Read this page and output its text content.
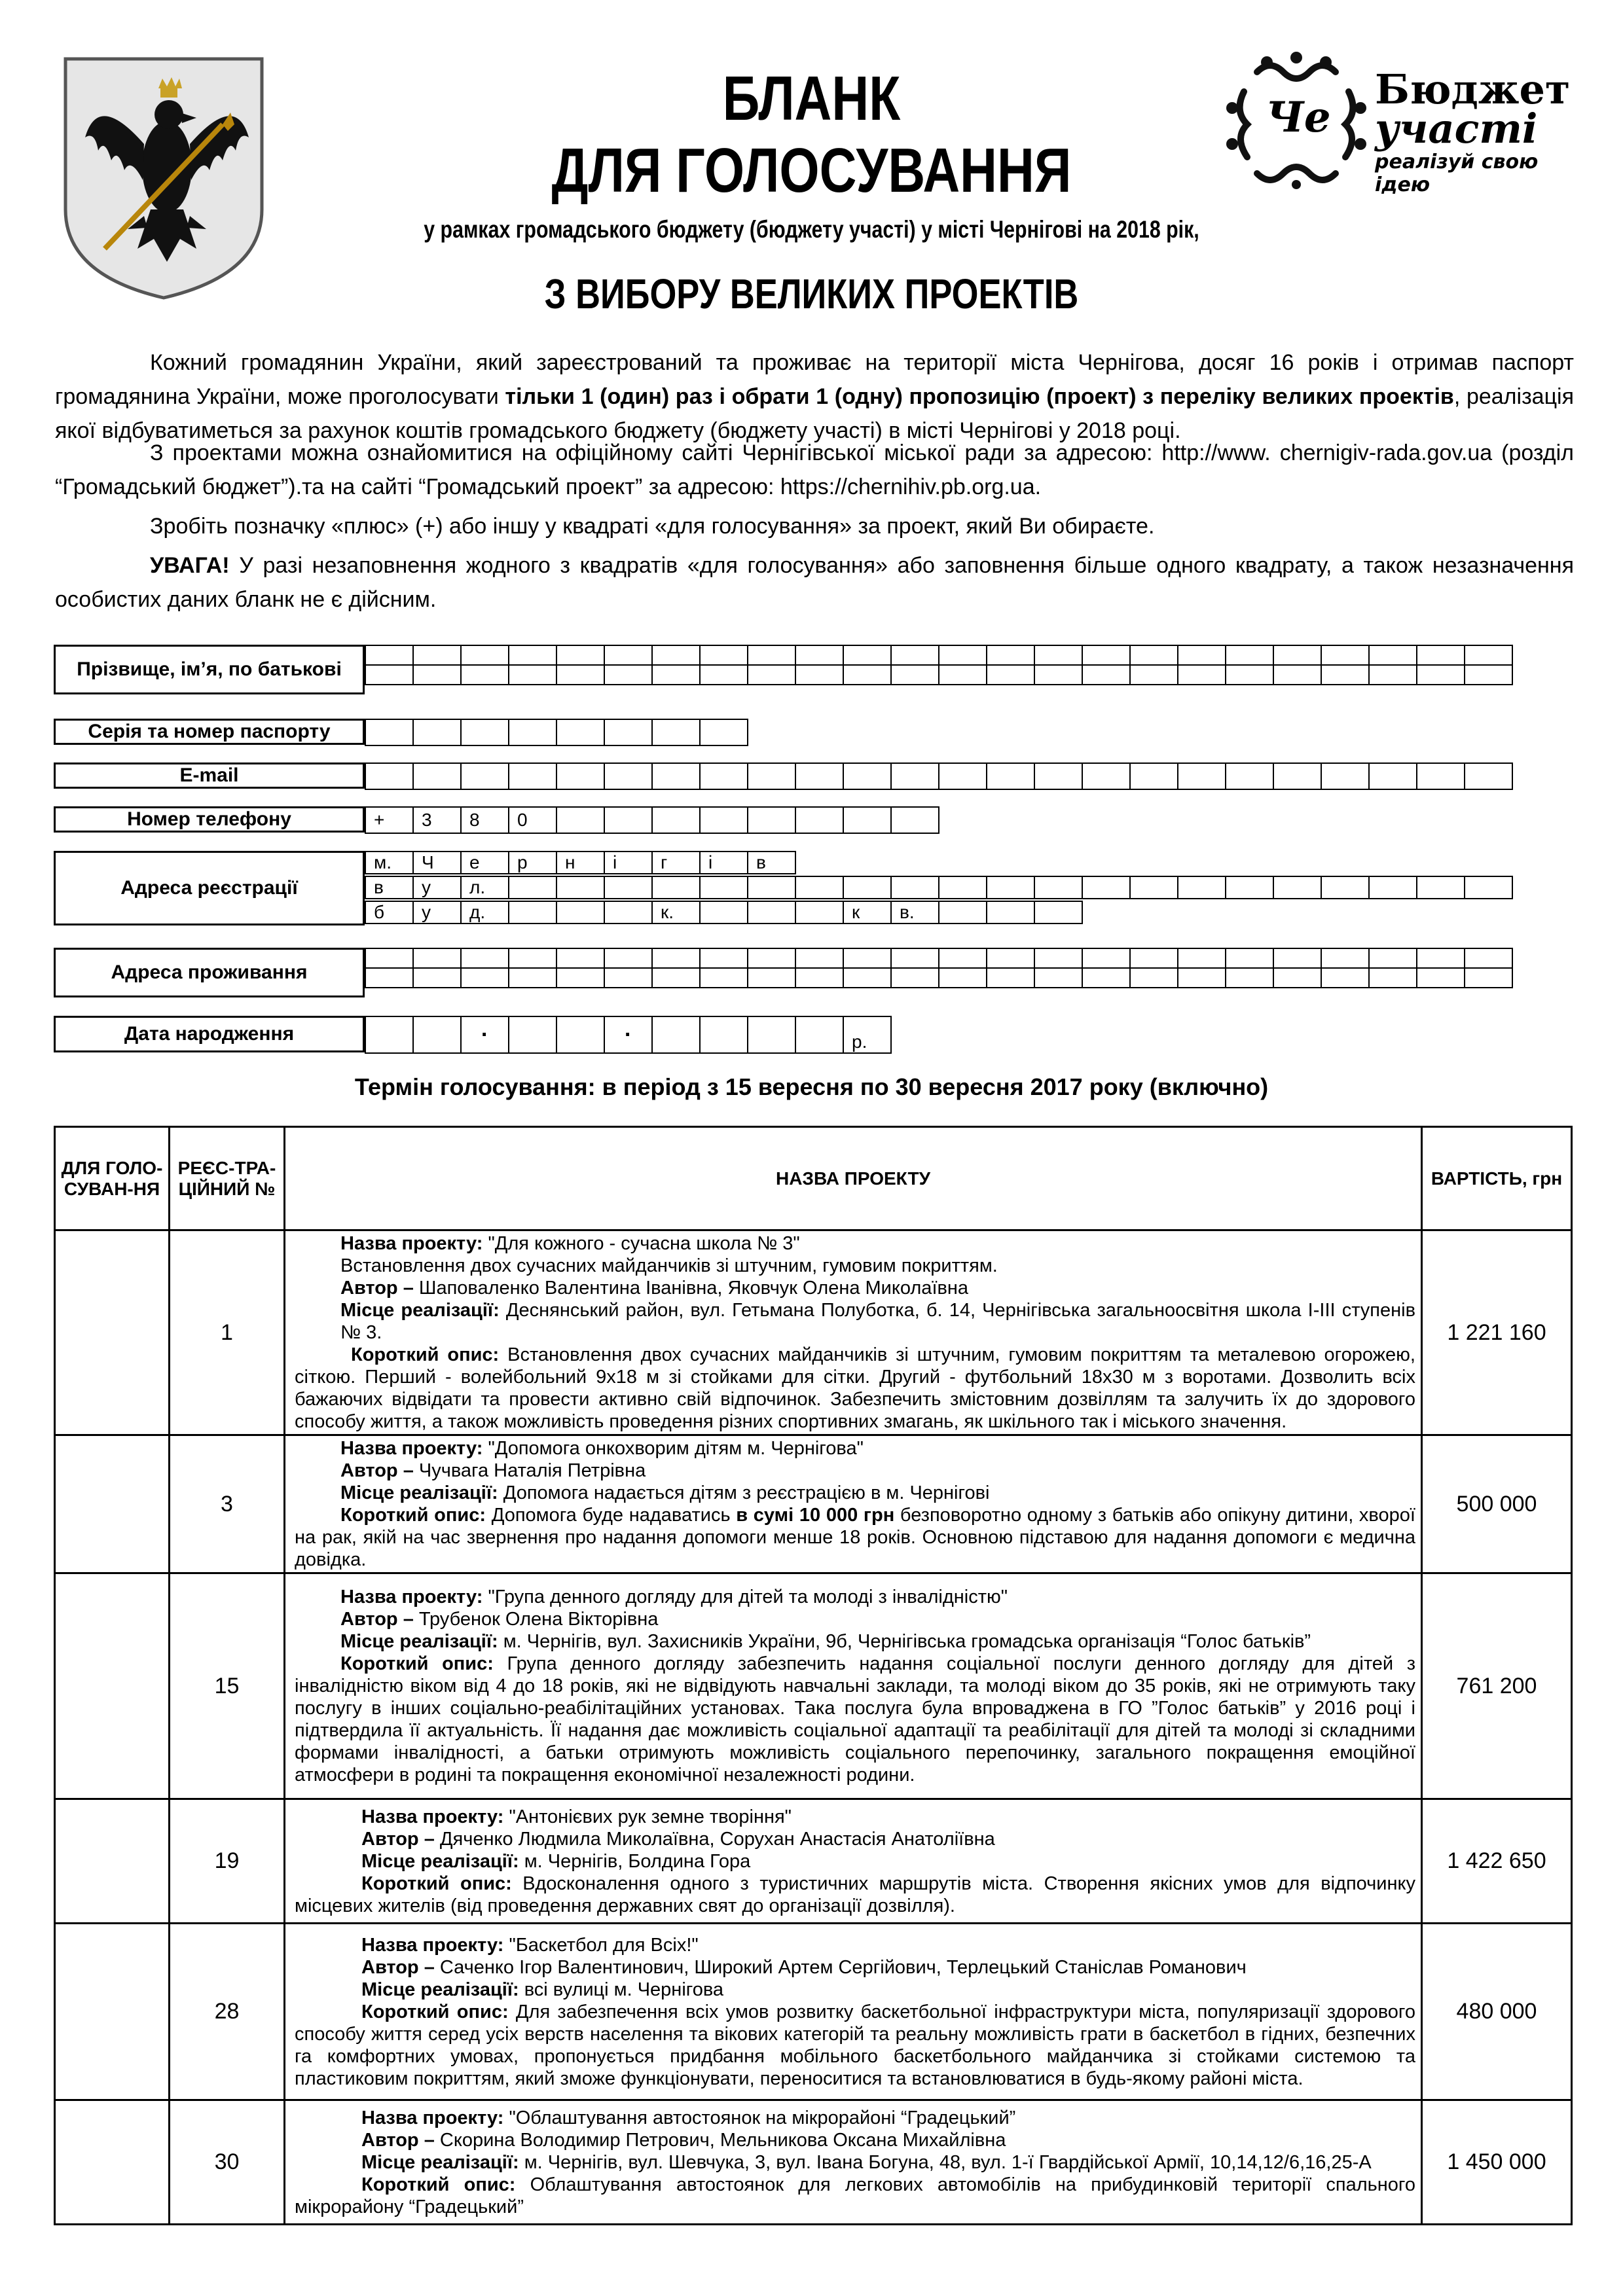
Че
Бюджет
участі
реалізуй свою ідею
БЛАНК
ДЛЯ ГОЛОСУВАННЯ
у рамках громадського бюджету (бюджету участі) у місті Чернігові на 2018 рік,
З ВИБОРУ ВЕЛИКИХ ПРОЕКТІВ
Кожний громадянин України, який зареєстрований та проживає на території міста Чернігова, досяг 16 років і отримав паспорт громадянина України, може проголосувати тільки 1 (один) раз і обрати 1 (одну) пропозицію (проект) з переліку великих проектів, реалізація якої відбуватиметься за рахунок коштів громадського бюджету (бюджету участі) в місті Чернігові у 2018 році.
З проектами можна ознайомитися на офіційному сайті Чернігівської міської ради за адресою: http://www. chernigiv-rada.gov.ua (розділ “Громадський бюджет”).та на сайті “Громадський проект” за адресою: https://chernihiv.pb.org.ua.
Зробіть позначку «плюс» (+) або іншу у квадраті «для голосування» за проект, який Ви обираєте.
УВАГА! У разі незаповнення жодного з квадратів «для голосування» або заповнення більше одного квадрату, а також незазначення особистих даних бланк не є дійсним.
Прізвище, ім’я, по батькові

Серія та номер паспорту

E-mail

Номер телефону	+	3	8	0								
Адреса реєстрації
м.	Ч	е	р	н	і	г	і	в
в	у	л.																					
б	у	д.				к.				к	в.			
Адреса проживання

Дата народження
			·			·					р.
Термін голосування: в період з 15 вересня по 30 вересня 2017 року (включно)
ДЛЯ ГОЛО-СУВАН-НЯ	РЕЄС-ТРА-ЦІЙНИЙ №	НАЗВА ПРОЕКТУ	ВАРТІСТЬ, грн
	1	Назва проекту: "Для кожного - сучасна школа № 3"
Встановлення двох сучасних майданчиків зі штучним, гумовим покриттям.
Автор – Шаповаленко Валентина Іванівна, Яковчук Олена Миколаївна
Місце реалізації: Деснянський район, вул. Гетьмана Полуботка, б. 14, Чернігівська загальноосвітня школа І-ІІІ ступенів № 3.
Короткий опис: Встановлення двох сучасних майданчиків зі штучним, гумовим покриттям та металевою огорожею, сіткою. Перший - волейбольний 9х18 м зі стойками для сітки. Другий - футбольний 18х30 м з воротами. Дозволить всіх бажаючих відвідати та провести активно свій відпочинок. Забезпечить змістовним дозвіллям та залучить їх до здорового способу життя, а також можливість проведення різних спортивних змагань, як шкільного так і міського значення.	1 221 160
	3	Назва проекту: "Допомога онкохворим дітям м. Чернігова"
Автор – Чучвага Наталія Петрівна
Місце реалізації: Допомога надається дітям з реєстрацією в м. Чернігові
Короткий опис: Допомога буде надаватись в сумі 10 000 грн безповоротно одному з батьків або опікуну дитини, хворої на рак, якій на час звернення про надання допомоги менше 18 років. Основною підставою для надання допомоги є медична довідка.	500 000
	15	Назва проекту: "Група денного догляду для дітей та молоді з інвалідністю"
Автор – Трубенок Олена Вікторівна
Місце реалізації: м. Чернігів, вул. Захисників України, 9б, Чернігівська громадська організація “Голос батьків”
Короткий опис: Група денного догляду забезпечить надання соціальної послуги денного догляду для дітей з інвалідністю віком від 4 до 18 років, які не відвідують навчальні заклади, та молоді віком до 35 років, які не отримують таку послугу в інших соціально-реабілітаційних установах. Така послуга була впроваджена в ГО ”Голос батьків” у 2016 році і підтвердила її актуальність. Її надання дає можливість соціальної адаптації та реабілітації для дітей та молоді зі складними формами інвалідності, а батьки отримують можливість соціального перепочинку, загального покращення емоційної атмосфери в родині та покращення економічної незалежності родини.	761 200
	19	Назва проекту: "Антонієвих рук земне творіння"
Автор – Дяченко Людмила Миколаївна, Соруxан Анастасія Анатоліївна
Місце реалізації: м. Чернігів, Болдина Гора
Короткий опис: Вдосконалення одного з туристичних маршрутів міста. Створення якісних умов для відпочинку місцевих жителів (від проведення державних свят до організації дозвілля).	1 422 650
	28	Назва проекту: "Баскетбол для Всіх!"
Автор – Саченко Ігор Валентинович, Широкий Артем Сергійович, Терлецький Станіслав Романович
Місце реалізації: всі вулиці м. Чернігова
Короткий опис: Для забезпечення всіх умов розвитку баскетбольної інфраструктури міста, популяризації здорового способу життя серед усіх верств населення та вікових категорій та реальну можливість грати в баскетбол в гідних, безпечних га комфортних умовах, пропонується придбання мобільного баскетбольного майданчика зі стойками системою та пластиковим покриттям, який зможе функціонувати, переноситися та встановлюватися в будь-якому районі міста.	480 000
	30	Назва проекту: "Облаштування автостоянок на мікрорайоні “Градецький”
Автор – Скорина Володимир Петрович, Мельникова Оксана Михайлівна
Місце реалізації: м. Чернігів, вул. Шевчука, 3, вул. Івана Богуна, 48, вул. 1-ї Гвардійської Армії, 10,14,12/6,16,25-А
Короткий опис: Облаштування автостоянок для легкових автомобілів на прибудинковій території спального мікрорайону “Градецький”	1 450 000
